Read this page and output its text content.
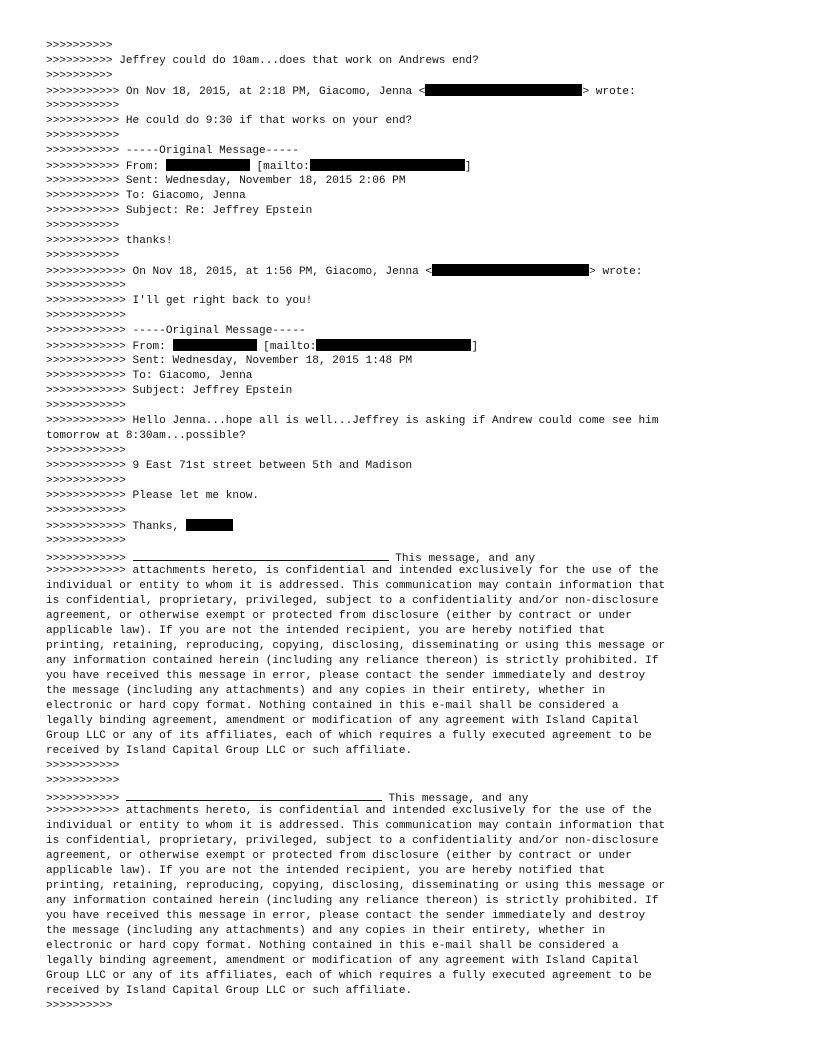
>>>>>>>>>>
>>>>>>>>>> Jeffrey could do 10am...does that work on Andrews end?
>>>>>>>>>>
>>>>>>>>>>> On Nov 18, 2015, at 2:18 PM, Giacomo, Jenna <	> wrote:
>>>>>>>>>>>
>>>>>>>>>>> He could do 9:30 if that works on your end?
>>>>>>>>>>>
>>>>>>>>>>> -----Original Message-----
>>>>>>>>>>> From:	[mailto:	]
>>>>>>>>>>> Sent: Wednesday, November 18, 2015 2:06 PM
>>>>>>>>>>> To: Giacomo, Jenna
>>>>>>>>>>> Subject: Re: Jeffrey Epstein
>>>>>>>>>>>
>>>>>>>>>>> thanks!
>>>>>>>>>>>
>>>>>>>>>>>> On Nov 18, 2015, at 1:56 PM, Giacomo, Jenna <	> wrote:
>>>>>>>>>>>>
>>>>>>>>>>>> I'll get right back to you!
>>>>>>>>>>>>
>>>>>>>>>>>> -----Original Message-----
>>>>>>>>>>>> From:	[mailto:	]
>>>>>>>>>>>> Sent: Wednesday, November 18, 2015 1:48 PM
>>>>>>>>>>>> To: Giacomo, Jenna
>>>>>>>>>>>> Subject: Jeffrey Epstein
>>>>>>>>>>>>
>>>>>>>>>>>> Hello Jenna...hope all is well...Jeffrey is asking if Andrew could come see him
tomorrow at 8:30am...possible?
>>>>>>>>>>>>
>>>>>>>>>>>> 9 East 71st street between 5th and Madison
>>>>>>>>>>>>
>>>>>>>>>>>> Please let me know.
>>>>>>>>>>>>
>>>>>>>>>>>> Thanks,
>>>>>>>>>>>>
>>>>>>>>>>>>	This message, and any
>>>>>>>>>>>> attachments hereto, is confidential and intended exclusively for the use of the
individual or entity to whom it is addressed. This communication may contain information that
is confidential, proprietary, privileged, subject to a confidentiality and/or non-disclosure
agreement, or otherwise exempt or protected from disclosure (either by contract or under
applicable law). If you are not the intended recipient, you are hereby notified that
printing, retaining, reproducing, copying, disclosing, disseminating or using this message or
any information contained herein (including any reliance thereon) is strictly prohibited. If
you have received this message in error, please contact the sender immediately and destroy
the message (including any attachments) and any copies in their entirety, whether in
electronic or hard copy format. Nothing contained in this e-mail shall be considered a
legally binding agreement, amendment or modification of any agreement with Island Capital
Group LLC or any of its affiliates, each of which requires a fully executed agreement to be
received by Island Capital Group LLC or such affiliate.
>>>>>>>>>>>
>>>>>>>>>>>
>>>>>>>>>>>	This message, and any
>>>>>>>>>>> attachments hereto, is confidential and intended exclusively for the use of the
individual or entity to whom it is addressed. This communication may contain information that
is confidential, proprietary, privileged, subject to a confidentiality and/or non-disclosure
agreement, or otherwise exempt or protected from disclosure (either by contract or under
applicable law). If you are not the intended recipient, you are hereby notified that
printing, retaining, reproducing, copying, disclosing, disseminating or using this message or
any information contained herein (including any reliance thereon) is strictly prohibited. If
you have received this message in error, please contact the sender immediately and destroy
the message (including any attachments) and any copies in their entirety, whether in
electronic or hard copy format. Nothing contained in this e-mail shall be considered a
legally binding agreement, amendment or modification of any agreement with Island Capital
Group LLC or any of its affiliates, each of which requires a fully executed agreement to be
received by Island Capital Group LLC or such affiliate.
>>>>>>>>>>
